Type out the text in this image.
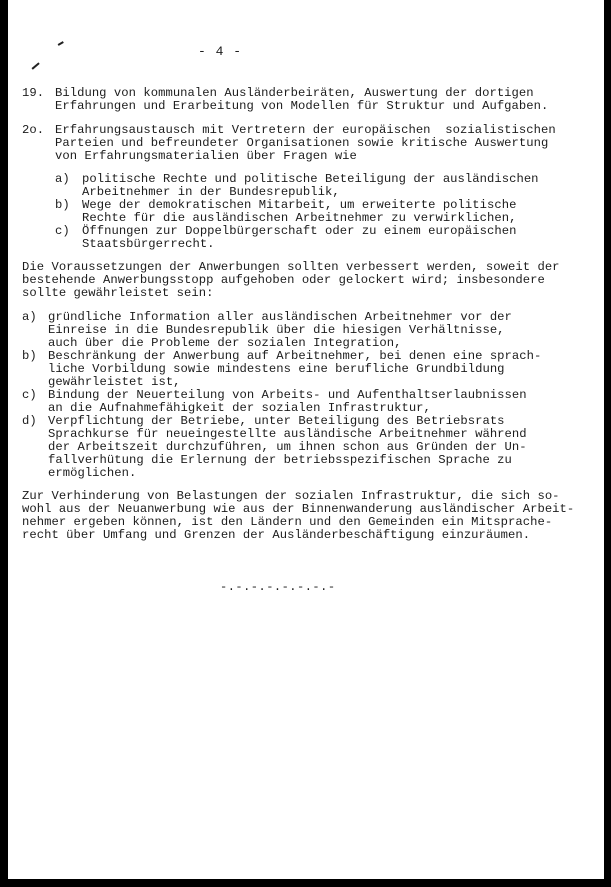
- 4 -
19. Bildung von kommunalen Ausländerbeiräten, Auswertung der dortigen
Erfahrungen und Erarbeitung von Modellen für Struktur und Aufgaben.
2o. Erfahrungsaustausch mit Vertretern der europäischen  sozialistischen
Parteien und befreundeter Organisationen sowie kritische Auswertung
von Erfahrungsmaterialien über Fragen wie
a) politische Rechte und politische Beteiligung der ausländischen
Arbeitnehmer in der Bundesrepublik,
b) Wege der demokratischen Mitarbeit, um erweiterte politische
Rechte für die ausländischen Arbeitnehmer zu verwirklichen,
c) Öffnungen zur Doppelbürgerschaft oder zu einem europäischen
Staatsbürgerrecht.
Die Voraussetzungen der Anwerbungen sollten verbessert werden, soweit der
bestehende Anwerbungsstopp aufgehoben oder gelockert wird; insbesondere
sollte gewährleistet sein:
a) gründliche Information aller ausländischen Arbeitnehmer vor der
Einreise in die Bundesrepublik über die hiesigen Verhältnisse,
auch über die Probleme der sozialen Integration,
b) Beschränkung der Anwerbung auf Arbeitnehmer, bei denen eine sprach-
liche Vorbildung sowie mindestens eine berufliche Grundbildung
gewährleistet ist,
c) Bindung der Neuerteilung von Arbeits- und Aufenthaltserlaubnissen
an die Aufnahmefähigkeit der sozialen Infrastruktur,
d) Verpflichtung der Betriebe, unter Beteiligung des Betriebsrats
Sprachkurse für neueingestellte ausländische Arbeitnehmer während
der Arbeitszeit durchzuführen, um ihnen schon aus Gründen der Un-
fallverhütung die Erlernung der betriebsspezifischen Sprache zu
ermöglichen.
Zur Verhinderung von Belastungen der sozialen Infrastruktur, die sich so-
wohl aus der Neuanwerbung wie aus der Binnenwanderung ausländischer Arbeit-
nehmer ergeben können, ist den Ländern und den Gemeinden ein Mitsprache-
recht über Umfang und Grenzen der Ausländerbeschäftigung einzuräumen.
-.-.-.-.-.-.-.-
